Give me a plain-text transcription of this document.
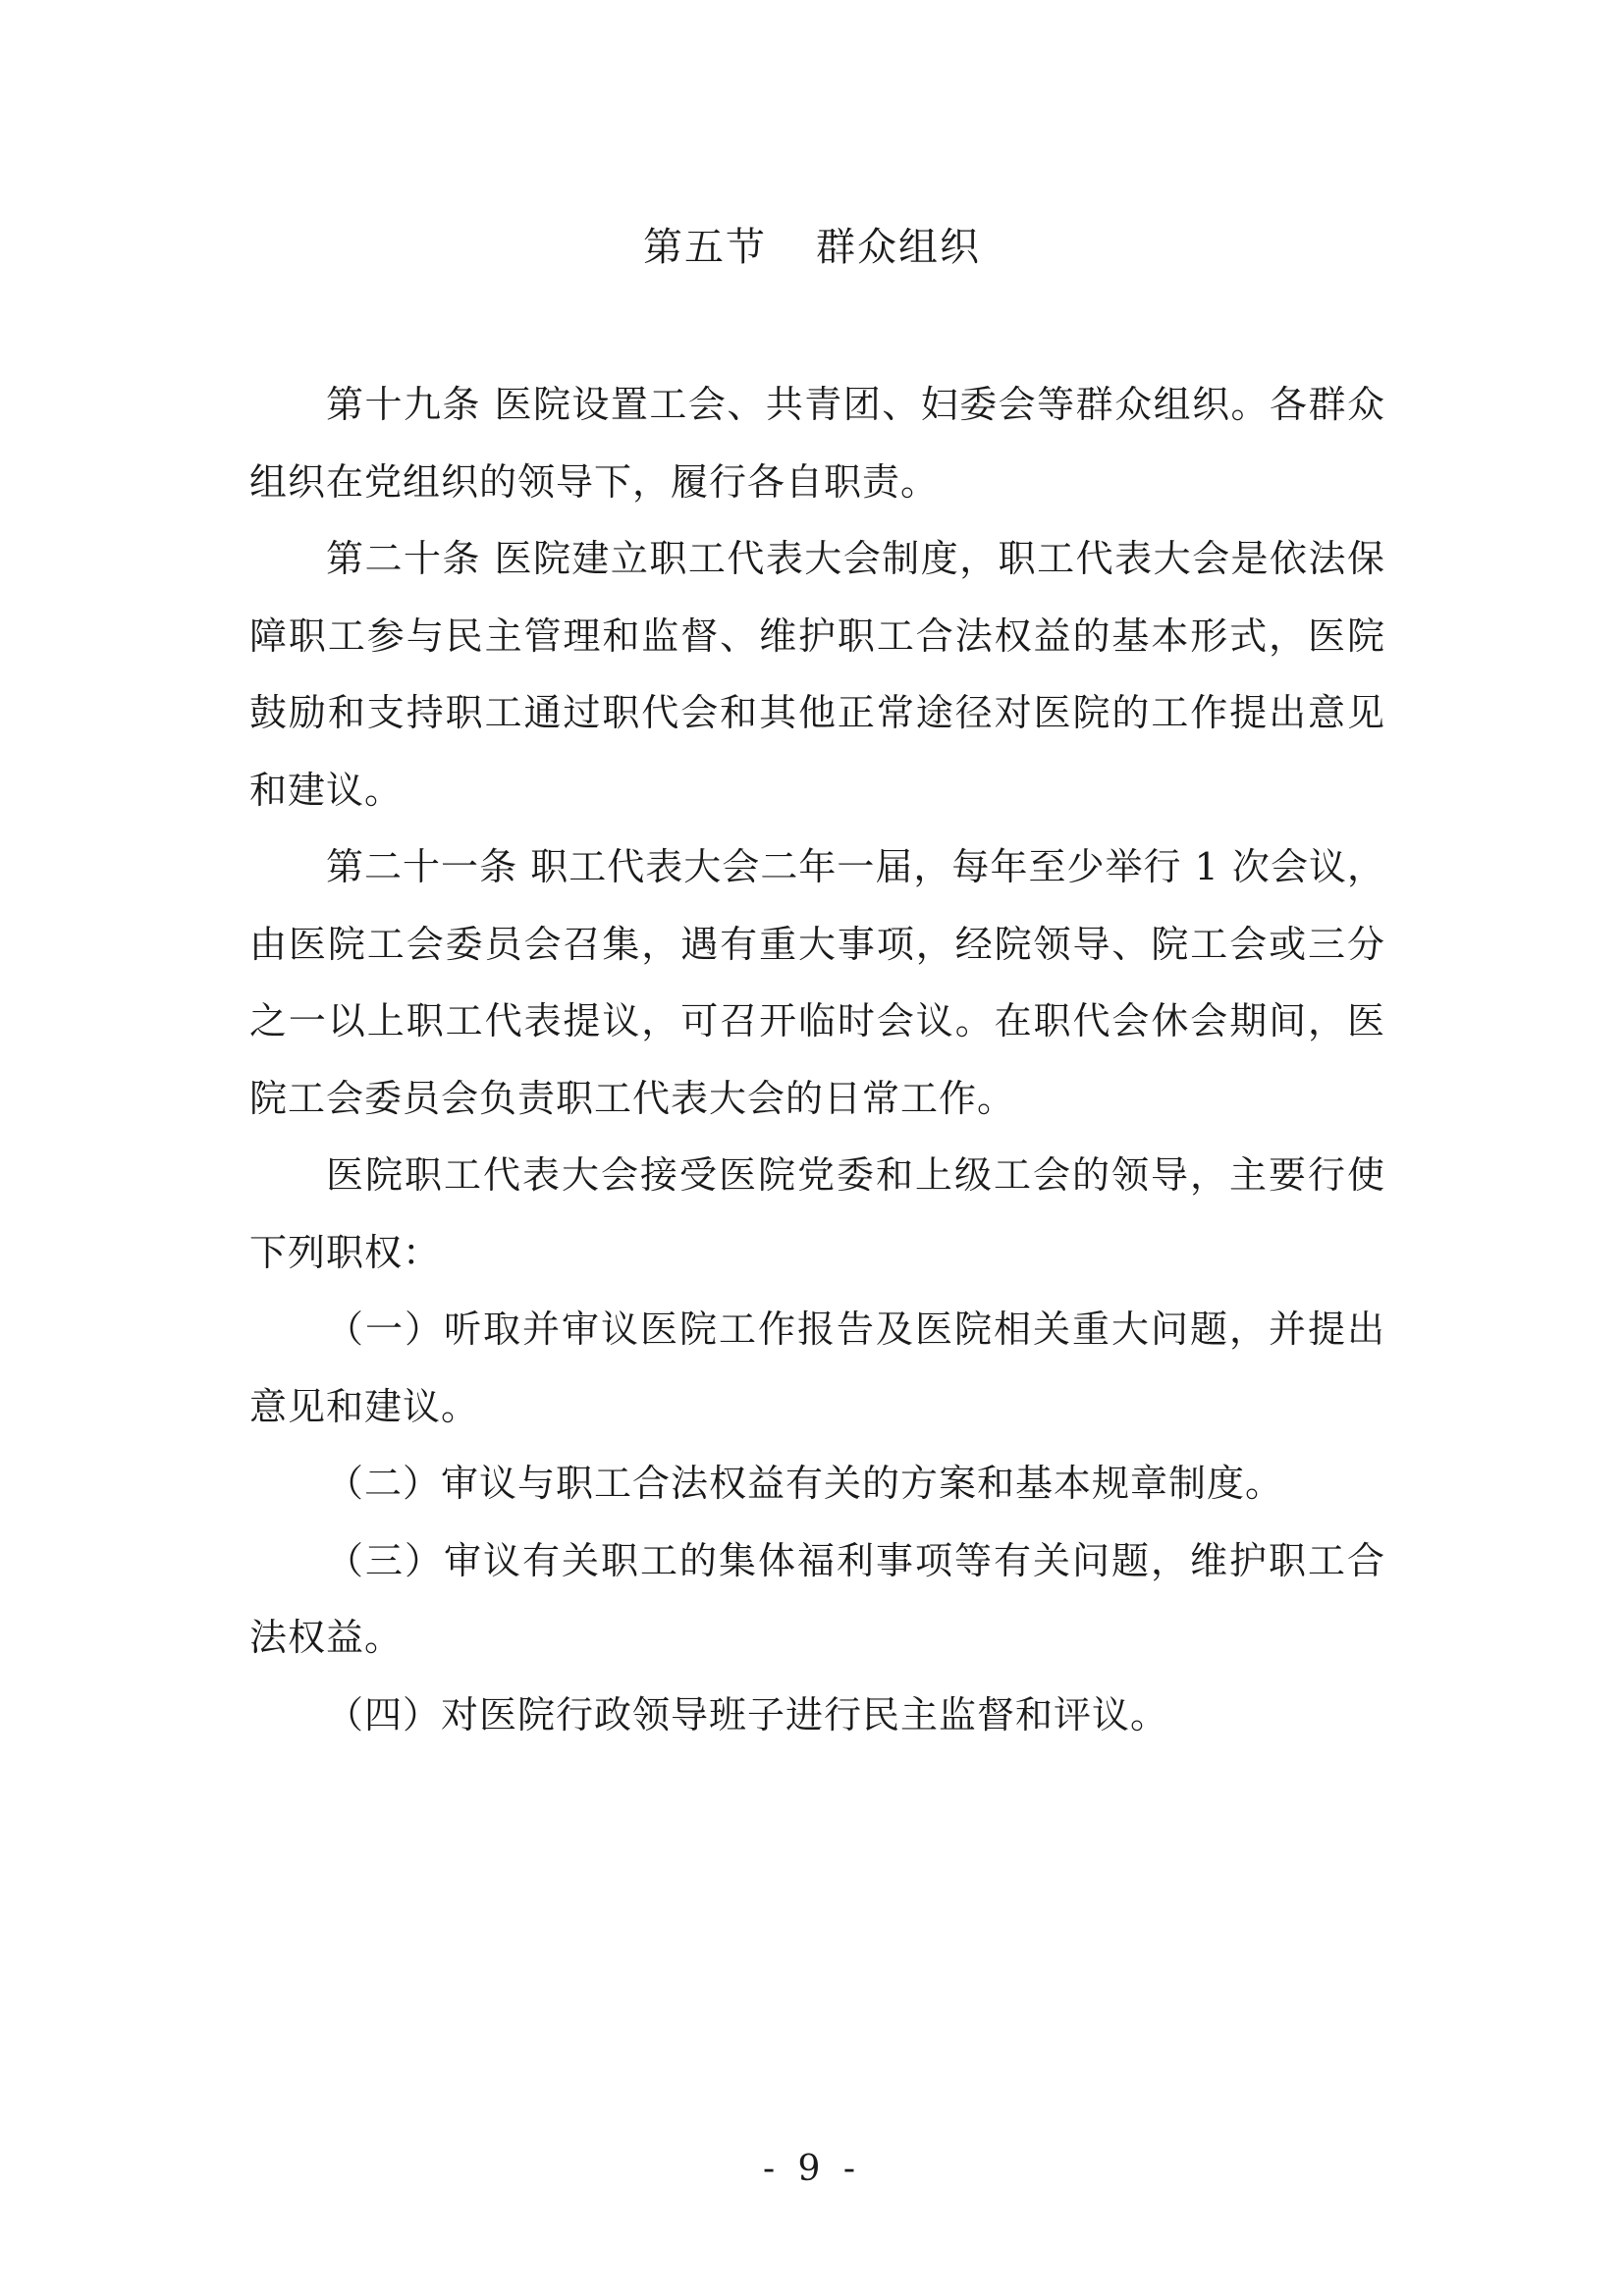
第五节 群众组织

第十九条 医院设置工会、共青团、妇委会等群众组织。各群众组织在党组织的领导下，履行各自职责。

第二十条 医院建立职工代表大会制度，职工代表大会是依法保障职工参与民主管理和监督、维护职工合法权益的基本形式，医院鼓励和支持职工通过职代会和其他正常途径对医院的工作提出意见和建议。

第二十一条 职工代表大会二年一届，每年至少举行 1 次会议，由医院工会委员会召集，遇有重大事项，经院领导、院工会或三分之一以上职工代表提议，可召开临时会议。在职代会休会期间，医院工会委员会负责职工代表大会的日常工作。

医院职工代表大会接受医院党委和上级工会的领导，主要行使下列职权：

（一）听取并审议医院工作报告及医院相关重大问题，并提出意见和建议。

（二）审议与职工合法权益有关的方案和基本规章制度。

（三）审议有关职工的集体福利事项等有关问题，维护职工合法权益。

（四）对医院行政领导班子进行民主监督和评议。

- 9 -
